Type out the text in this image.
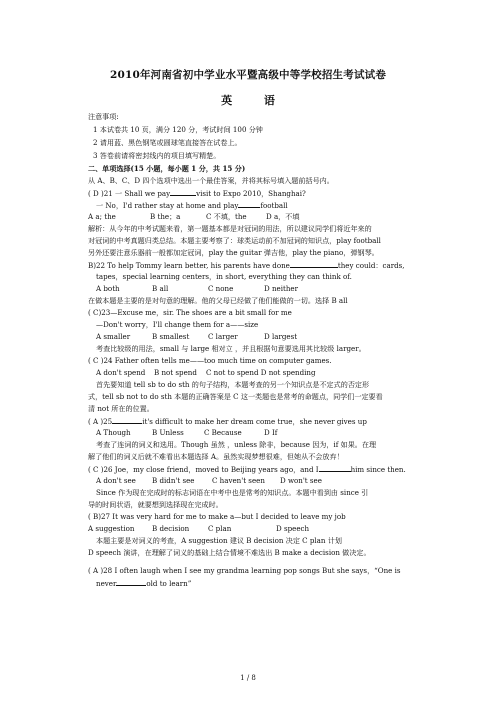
2010年河南省初中学业水平暨高级中等学校招生考试试卷
英 语
注意事项:
1 本试卷共 10 页，满分 120 分，考试时间 100 分钟
2 请用蓝、黑色钢笔或圆球笔直接答在试卷上。
3 答卷前请将密封线内的项目填写精楚。
二、单项选择(15 小题，每小题 1 分，共 15 分)
从 A、B、C、D 四个选项中选出一个最佳答案，并将其标号填入题前括号内。
( D )21 一 Shall we pay	visit to Expo 2010，Shanghai?
一 No，I'd rather stay at home and play	football
A a; the	B the；a	C 不填，the	D a，不填
解析：从今年的中考试题来看，第一题基本都是对冠词的用法，所以建议同学们将近年来的
对冠词的中考真题归类总结。本题主要考察了：球类运动前不加冠词的知识点，play football
另外还要注意乐器前一般都加定冠词，play the guitar 弹吉他，play the piano，弹钢琴。
B)22 To help Tommy learn better, his parents have done	they could：cards,
tapes，special learning centers，in short, everything they can think of.
A both	B all	C none	D neither
在做本题是主要的是对句意的理解。他的父母已经做了他们能做的一切。选择 B all
( C)23—Excuse me，sir. The shoes are a bit small for me
—Don't worry，I'll change them for a——size
A smaller	B smallest	C larger	D largest
考查比较级的用法，small 与 large 相对立 ，并且根据句意要选用其比较级 larger。
( C )24 Father often tells me——too much time on computer games.
A don't spend B not spend C not to spend D not spending
首先要知道 tell sb to do sth 的句子结构，本题考查的另一个知识点是不定式的否定形
式，tell sb not to do sth 本题的正确答案是 C 这一类题也是常考的命题点，同学们一定要看
清 not 所在的位置。
( A )25	it's difficult to make her dream come true，she never gives up
A Though	B Unless	C Because	D If
考查了连词的词义和选用。Though 虽然 ，unless 除非，because 因为，if 如果。在理
解了他们的词义后就不难看出本题选择 A。虽然实现梦想很难，但她从不会放弃！
( C )26 Joe，my close friend，moved to Beijing years ago，and I	him since then.
A don't see B didn't see C haven't seen D won't see
Since 作为现在完成时的标志词语在中考中也是常考的知识点。本题中看到由 since 引
导的时间状语，就要想到选择现在完成时。
( B)27 It was very hard for me to make a—but I decided to leave my job
A suggestion B decision	C plan	D speech
本题主要是对词义的考查，A suggestion 建议 B decision 决定 C plan 计划
D speech 演讲，在理解了词义的基础上结合情境不难选出 B make a decision 做决定。
( A )28 I often laugh when I see my grandma learning pop songs But she says，“One is
never	old to learn”
1 / 8
